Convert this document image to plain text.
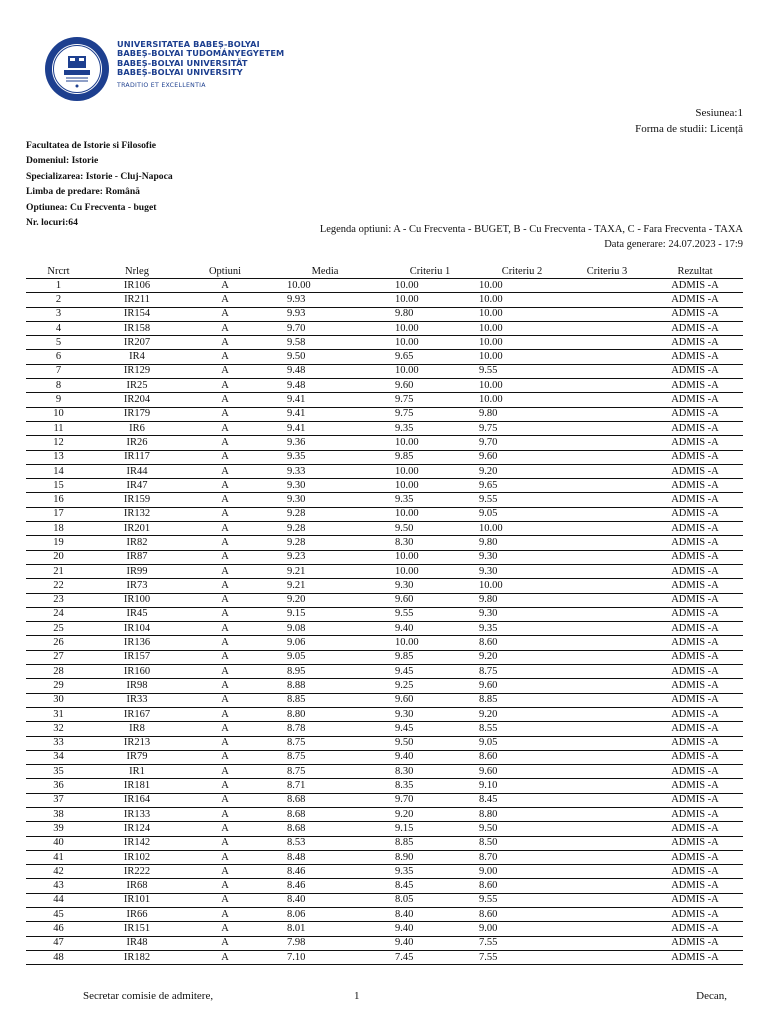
UNIVERSITATEA BABEȘ-BOLYAI
BABEȘ-BOLYAI TUDOMÁNYEGYETEM
BABEȘ-BOLYAI UNIVERSITÄT
BABEȘ-BOLYAI UNIVERSITY
TRADITIO ET EXCELLENTIA
Sesiunea:1
Forma de studii: Licență
Facultatea de Istorie si Filosofie
Domeniul: Istorie
Specializarea: Istorie - Cluj-Napoca
Limba de predare: Română
Optiunea: Cu Frecventa - buget
Nr. locuri:64
Legenda optiuni: A - Cu Frecventa - BUGET, B - Cu Frecventa - TAXA, C - Fara Frecventa - TAXA
Data generare: 24.07.2023 - 17:9
Nrcrt	Nrleg	Optiuni	Media	Criteriu 1	Criteriu 2	Criteriu 3	Rezultat
1	IR106	A	10.00	10.00	10.00		ADMIS -A
2	IR211	A	9.93	10.00	10.00		ADMIS -A
3	IR154	A	9.93	9.80	10.00		ADMIS -A
4	IR158	A	9.70	10.00	10.00		ADMIS -A
5	IR207	A	9.58	10.00	10.00		ADMIS -A
6	IR4	A	9.50	9.65	10.00		ADMIS -A
7	IR129	A	9.48	10.00	9.55		ADMIS -A
8	IR25	A	9.48	9.60	10.00		ADMIS -A
9	IR204	A	9.41	9.75	10.00		ADMIS -A
10	IR179	A	9.41	9.75	9.80		ADMIS -A
11	IR6	A	9.41	9.35	9.75		ADMIS -A
12	IR26	A	9.36	10.00	9.70		ADMIS -A
13	IR117	A	9.35	9.85	9.60		ADMIS -A
14	IR44	A	9.33	10.00	9.20		ADMIS -A
15	IR47	A	9.30	10.00	9.65		ADMIS -A
16	IR159	A	9.30	9.35	9.55		ADMIS -A
17	IR132	A	9.28	10.00	9.05		ADMIS -A
18	IR201	A	9.28	9.50	10.00		ADMIS -A
19	IR82	A	9.28	8.30	9.80		ADMIS -A
20	IR87	A	9.23	10.00	9.30		ADMIS -A
21	IR99	A	9.21	10.00	9.30		ADMIS -A
22	IR73	A	9.21	9.30	10.00		ADMIS -A
23	IR100	A	9.20	9.60	9.80		ADMIS -A
24	IR45	A	9.15	9.55	9.30		ADMIS -A
25	IR104	A	9.08	9.40	9.35		ADMIS -A
26	IR136	A	9.06	10.00	8.60		ADMIS -A
27	IR157	A	9.05	9.85	9.20		ADMIS -A
28	IR160	A	8.95	9.45	8.75		ADMIS -A
29	IR98	A	8.88	9.25	9.60		ADMIS -A
30	IR33	A	8.85	9.60	8.85		ADMIS -A
31	IR167	A	8.80	9.30	9.20		ADMIS -A
32	IR8	A	8.78	9.45	8.55		ADMIS -A
33	IR213	A	8.75	9.50	9.05		ADMIS -A
34	IR79	A	8.75	9.40	8.60		ADMIS -A
35	IR1	A	8.75	8.30	9.60		ADMIS -A
36	IR181	A	8.71	8.35	9.10		ADMIS -A
37	IR164	A	8.68	9.70	8.45		ADMIS -A
38	IR133	A	8.68	9.20	8.80		ADMIS -A
39	IR124	A	8.68	9.15	9.50		ADMIS -A
40	IR142	A	8.53	8.85	8.50		ADMIS -A
41	IR102	A	8.48	8.90	8.70		ADMIS -A
42	IR222	A	8.46	9.35	9.00		ADMIS -A
43	IR68	A	8.46	8.45	8.60		ADMIS -A
44	IR101	A	8.40	8.05	9.55		ADMIS -A
45	IR66	A	8.06	8.40	8.60		ADMIS -A
46	IR151	A	8.01	9.40	9.00		ADMIS -A
47	IR48	A	7.98	9.40	7.55		ADMIS -A
48	IR182	A	7.10	7.45	7.55		ADMIS -A
Secretar comisie de admitere,	1	Decan,
